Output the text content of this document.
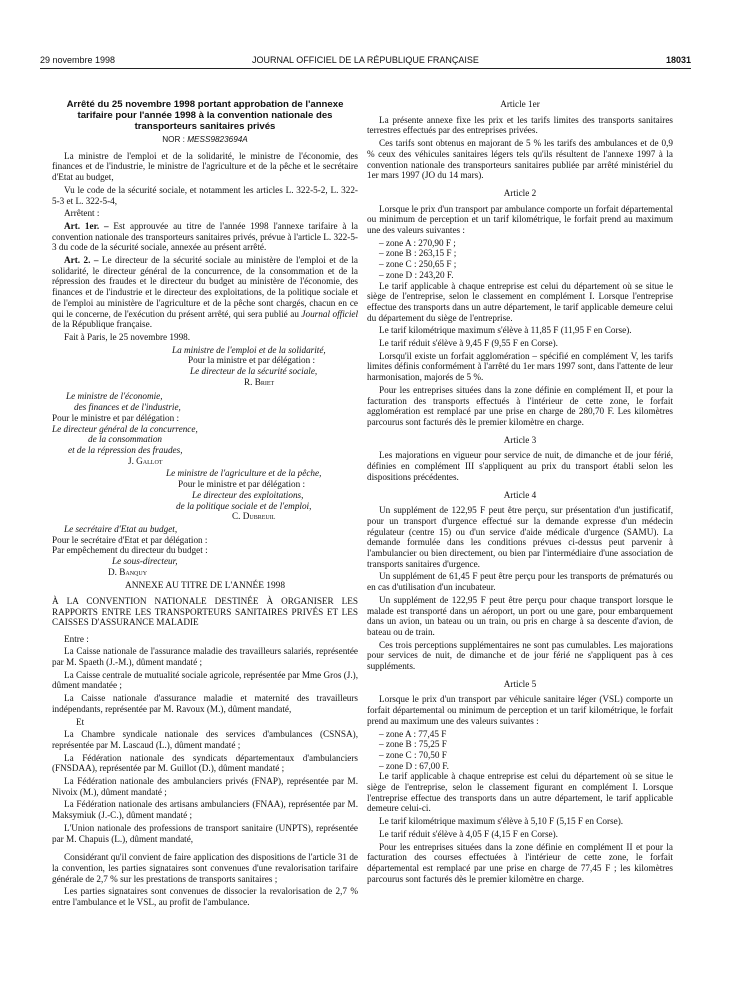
29 novembre 1998	JOURNAL OFFICIEL DE LA RÉPUBLIQUE FRANÇAISE	18031

Arrêté du 25 novembre 1998 portant approbation de l'annexe tarifaire pour l'année 1998 à la convention nationale des transporteurs sanitaires privés

NOR : MESS9823694A

La ministre de l'emploi et de la solidarité, le ministre de l'économie, des finances et de l'industrie, le ministre de l'agriculture et de la pêche et le secrétaire d'Etat au budget,

Vu le code de la sécurité sociale, et notamment les articles L. 322-5-2, L. 322-5-3 et L. 322-5-4,

Arrêtent :

Art. 1er. – Est approuvée au titre de l'année 1998 l'annexe tarifaire à la convention nationale des transporteurs sanitaires privés, prévue à l'article L. 322-5-3 du code de la sécurité sociale, annexée au présent arrêté.

Art. 2. – Le directeur de la sécurité sociale au ministère de l'emploi et de la solidarité, le directeur général de la concurrence, de la consommation et de la répression des fraudes et le directeur du budget au ministère de l'économie, des finances et de l'industrie et le directeur des exploitations, de la politique sociale et de l'emploi au ministère de l'agriculture et de la pêche sont chargés, chacun en ce qui le concerne, de l'exécution du présent arrêté, qui sera publié au Journal officiel de la République française.

Fait à Paris, le 25 novembre 1998.

La ministre de l'emploi et de la solidarité,

Pour la ministre et par délégation :

Le directeur de la sécurité sociale,

R. Briet

Le ministre de l'économie,

des finances et de l'industrie,

Pour le ministre et par délégation :

Le directeur général de la concurrence,

de la consommation

et de la répression des fraudes,

J. Gallot

Le ministre de l'agriculture et de la pêche,

Pour le ministre et par délégation :

Le directeur des exploitations,

de la politique sociale et de l'emploi,

C. Dubreuil

Le secrétaire d'Etat au budget,

Pour le secrétaire d'Etat et par délégation :

Par empêchement du directeur du budget :

Le sous-directeur,

D. Banquy

ANNEXE AU TITRE DE L'ANNÉE 1998

À LA CONVENTION NATIONALE DESTINÉE À ORGANISER LES RAPPORTS ENTRE LES TRANSPORTEURS SANITAIRES PRIVÉS ET LES CAISSES D'ASSURANCE MALADIE

Entre :

La Caisse nationale de l'assurance maladie des travailleurs salariés, représentée par M. Spaeth (J.-M.), dûment mandaté ;

La Caisse centrale de mutualité sociale agricole, représentée par Mme Gros (J.), dûment mandatée ;

La Caisse nationale d'assurance maladie et maternité des travailleurs indépendants, représentée par M. Ravoux (M.), dûment mandaté,

Et

La Chambre syndicale nationale des services d'ambulances (CSNSA), représentée par M. Lascaud (L.), dûment mandaté ;

La Fédération nationale des syndicats départementaux d'ambulanciers (FNSDAA), représentée par M. Guillot (D.), dûment mandaté ;

La Fédération nationale des ambulanciers privés (FNAP), représentée par M. Nivoix (M.), dûment mandaté ;

La Fédération nationale des artisans ambulanciers (FNAA), représentée par M. Maksymiuk (J.-C.), dûment mandaté ;

L'Union nationale des professions de transport sanitaire (UNPTS), représentée par M. Chapuis (L.), dûment mandaté,

Considérant qu'il convient de faire application des dispositions de l'article 31 de la convention, les parties signataires sont convenues d'une revalorisation tarifaire générale de 2,7 % sur les prestations de transports sanitaires ;

Les parties signataires sont convenues de dissocier la revalorisation de 2,7 % entre l'ambulance et le VSL, au profit de l'ambulance.

Article 1er

La présente annexe fixe les prix et les tarifs limites des transports sanitaires terrestres effectués par des entreprises privées.

Ces tarifs sont obtenus en majorant de 5 % les tarifs des ambulances et de 0,9 % ceux des véhicules sanitaires légers tels qu'ils résultent de l'annexe 1997 à la convention nationale des transporteurs sanitaires publiée par arrêté ministériel du 1er mars 1997 (JO du 14 mars).

Article 2

Lorsque le prix d'un transport par ambulance comporte un forfait départemental ou minimum de perception et un tarif kilométrique, le forfait prend au maximum une des valeurs suivantes :

– zone A : 270,90 F ;
– zone B : 263,15 F ;
– zone C : 250,65 F ;
– zone D : 243,20 F.

Le tarif applicable à chaque entreprise est celui du département où se situe le siège de l'entreprise, selon le classement en complément I. Lorsque l'entreprise effectue des transports dans un autre département, le tarif applicable demeure celui du département du siège de l'entreprise.

Le tarif kilométrique maximum s'élève à 11,85 F (11,95 F en Corse).

Le tarif réduit s'élève à 9,45 F (9,55 F en Corse).

Lorsqu'il existe un forfait agglomération – spécifié en complément V, les tarifs limites définis conformément à l'arrêté du 1er mars 1997 sont, dans l'attente de leur harmonisation, majorés de 5 %.

Pour les entreprises situées dans la zone définie en complément II, et pour la facturation des transports effectués à l'intérieur de cette zone, le forfait agglomération est remplacé par une prise en charge de 280,70 F. Les kilomètres parcourus sont facturés dès le premier kilomètre en charge.

Article 3

Les majorations en vigueur pour service de nuit, de dimanche et de jour férié, définies en complément III s'appliquent au prix du transport établi selon les dispositions précédentes.

Article 4

Un supplément de 122,95 F peut être perçu, sur présentation d'un justificatif, pour un transport d'urgence effectué sur la demande expresse d'un médecin régulateur (centre 15) ou d'un service d'aide médicale d'urgence (SAMU). La demande formulée dans les conditions prévues ci-dessus peut parvenir à l'ambulancier ou bien directement, ou bien par l'intermédiaire d'une association de transports sanitaires d'urgence.

Un supplément de 61,45 F peut être perçu pour les transports de prématurés ou en cas d'utilisation d'un incubateur.

Un supplément de 122,95 F peut être perçu pour chaque transport lorsque le malade est transporté dans un aéroport, un port ou une gare, pour embarquement dans un avion, un bateau ou un train, ou pris en charge à sa descente d'avion, de bateau ou de train.

Ces trois perceptions supplémentaires ne sont pas cumulables. Les majorations pour services de nuit, de dimanche et de jour férié ne s'appliquent pas à ces suppléments.

Article 5

Lorsque le prix d'un transport par véhicule sanitaire léger (VSL) comporte un forfait départemental ou minimum de perception et un tarif kilométrique, le forfait prend au maximum une des valeurs suivantes :

– zone A : 77,45 F
– zone B : 75,25 F
– zone C : 70,50 F
– zone D : 67,00 F.

Le tarif applicable à chaque entreprise est celui du département où se situe le siège de l'entreprise, selon le classement figurant en complément I. Lorsque l'entreprise effectue des transports dans un autre département, le tarif applicable demeure celui-ci.

Le tarif kilométrique maximum s'élève à 5,10 F (5,15 F en Corse).

Le tarif réduit s'élève à 4,05 F (4,15 F en Corse).

Pour les entreprises situées dans la zone définie en complément II et pour la facturation des courses effectuées à l'intérieur de cette zone, le forfait départemental est remplacé par une prise en charge de 77,45 F ; les kilomètres parcourus sont facturés dès le premier kilomètre en charge.
